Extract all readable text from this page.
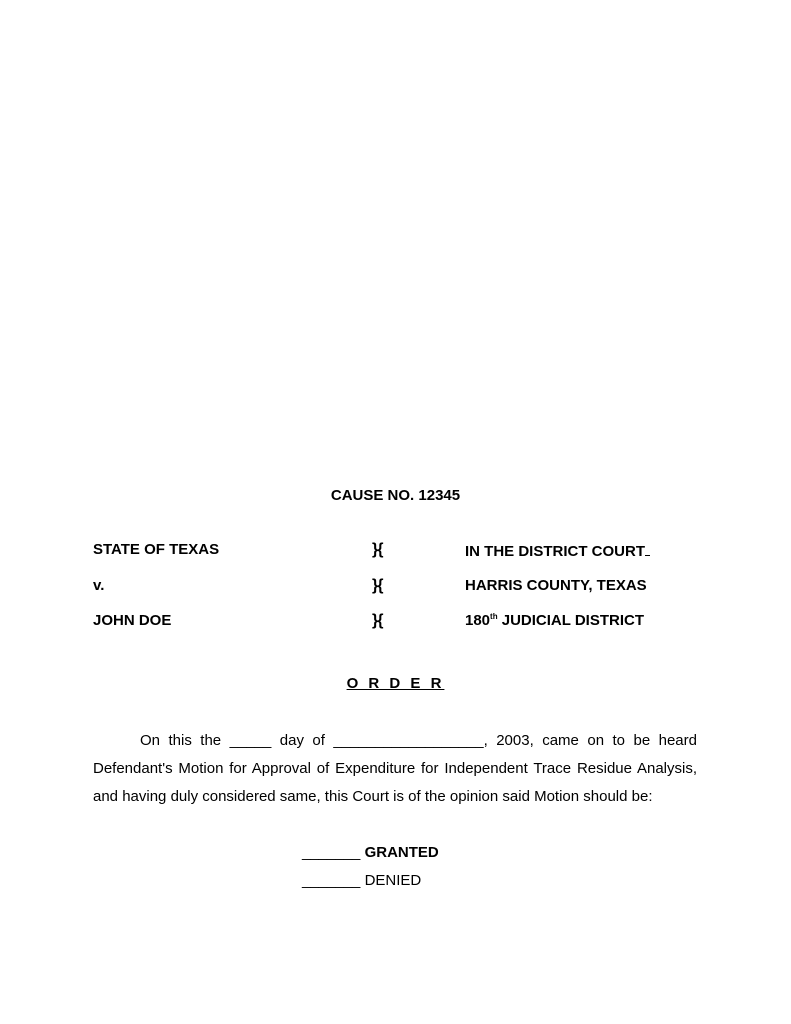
CAUSE NO. 12345
STATE OF TEXAS	}{	IN THE DISTRICT COURT
v.	}{	HARRIS COUNTY, TEXAS
JOHN DOE	}{	180th JUDICIAL DISTRICT
O R D E R
On this the _____ day of __________________, 2003, came on to be heard Defendant's Motion for Approval of Expenditure for Independent Trace Residue Analysis, and having duly considered same, this Court is of the opinion said Motion should be:
_______ GRANTED
_______ DENIED
